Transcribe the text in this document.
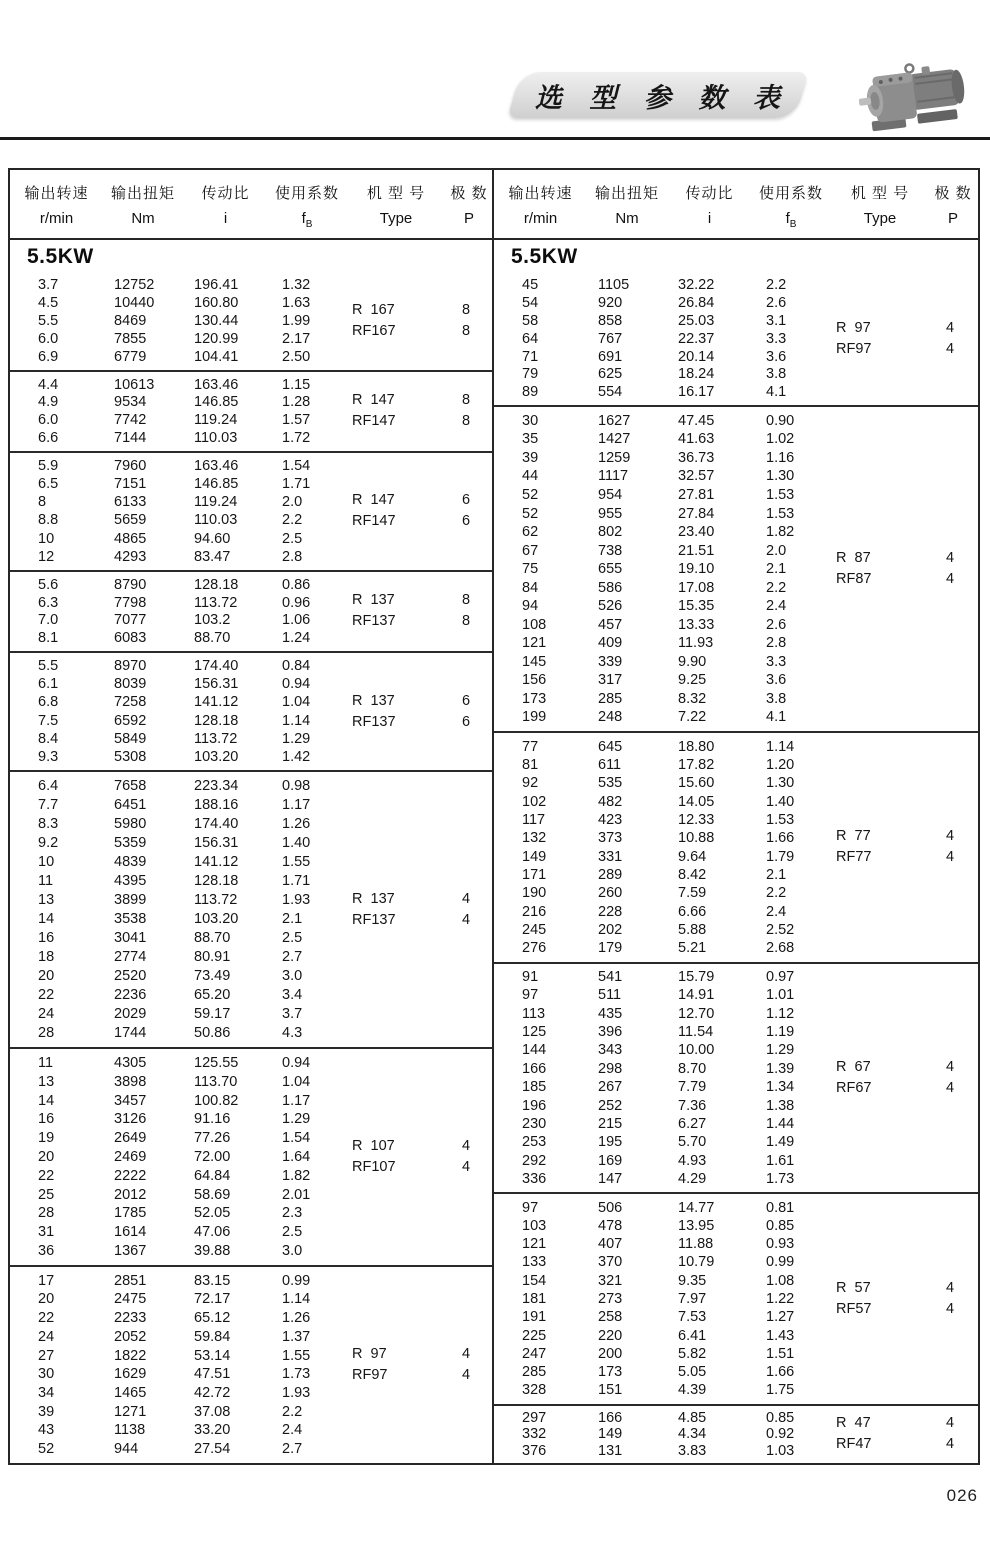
选 型 参 数 表
输出转速	输出扭矩	传动比	使用系数	机 型 号	极 数
r/min	Nm	i	$f_B$	Type	P
5.5KW
3.7	12752	196.41	1.32
4.5	10440	160.80	1.63
5.5	8469	130.44	1.99
6.0	7855	120.99	2.17
6.9	6779	104.41	2.50
R  167	8
RF167	8
4.4	10613	163.46	1.15
4.9	9534	146.85	1.28
6.0	7742	119.24	1.57
6.6	7144	110.03	1.72
R  147	8
RF147	8
5.9	7960	163.46	1.54
6.5	7151	146.85	1.71
8	6133	119.24	2.0
8.8	5659	110.03	2.2
10	4865	94.60	2.5
12	4293	83.47	2.8
R  147	6
RF147	6
5.6	8790	128.18	0.86
6.3	7798	113.72	0.96
7.0	7077	103.2	1.06
8.1	6083	88.70	1.24
R  137	8
RF137	8
5.5	8970	174.40	0.84
6.1	8039	156.31	0.94
6.8	7258	141.12	1.04
7.5	6592	128.18	1.14
8.4	5849	113.72	1.29
9.3	5308	103.20	1.42
R  137	6
RF137	6
6.4	7658	223.34	0.98
7.7	6451	188.16	1.17
8.3	5980	174.40	1.26
9.2	5359	156.31	1.40
10	4839	141.12	1.55
11	4395	128.18	1.71
13	3899	113.72	1.93
14	3538	103.20	2.1
16	3041	88.70	2.5
18	2774	80.91	2.7
20	2520	73.49	3.0
22	2236	65.20	3.4
24	2029	59.17	3.7
28	1744	50.86	4.3
R  137	4
RF137	4
11	4305	125.55	0.94
13	3898	113.70	1.04
14	3457	100.82	1.17
16	3126	91.16	1.29
19	2649	77.26	1.54
20	2469	72.00	1.64
22	2222	64.84	1.82
25	2012	58.69	2.01
28	1785	52.05	2.3
31	1614	47.06	2.5
36	1367	39.88	3.0
R  107	4
RF107	4
17	2851	83.15	0.99
20	2475	72.17	1.14
22	2233	65.12	1.26
24	2052	59.84	1.37
27	1822	53.14	1.55
30	1629	47.51	1.73
34	1465	42.72	1.93
39	1271	37.08	2.2
43	1138	33.20	2.4
52	944	27.54	2.7
R  97	4
RF97	4
输出转速	输出扭矩	传动比	使用系数	机 型 号	极 数
r/min	Nm	i	$f_B$	Type	P
5.5KW
45	1105	32.22	2.2
54	920	26.84	2.6
58	858	25.03	3.1
64	767	22.37	3.3
71	691	20.14	3.6
79	625	18.24	3.8
89	554	16.17	4.1
R  97	4
RF97	4
30	1627	47.45	0.90
35	1427	41.63	1.02
39	1259	36.73	1.16
44	1117	32.57	1.30
52	954	27.81	1.53
52	955	27.84	1.53
62	802	23.40	1.82
67	738	21.51	2.0
75	655	19.10	2.1
84	586	17.08	2.2
94	526	15.35	2.4
108	457	13.33	2.6
121	409	11.93	2.8
145	339	9.90	3.3
156	317	9.25	3.6
173	285	8.32	3.8
199	248	7.22	4.1
R  87	4
RF87	4
77	645	18.80	1.14
81	611	17.82	1.20
92	535	15.60	1.30
102	482	14.05	1.40
117	423	12.33	1.53
132	373	10.88	1.66
149	331	9.64	1.79
171	289	8.42	2.1
190	260	7.59	2.2
216	228	6.66	2.4
245	202	5.88	2.52
276	179	5.21	2.68
R  77	4
RF77	4
91	541	15.79	0.97
97	511	14.91	1.01
113	435	12.70	1.12
125	396	11.54	1.19
144	343	10.00	1.29
166	298	8.70	1.39
185	267	7.79	1.34
196	252	7.36	1.38
230	215	6.27	1.44
253	195	5.70	1.49
292	169	4.93	1.61
336	147	4.29	1.73
R  67	4
RF67	4
97	506	14.77	0.81
103	478	13.95	0.85
121	407	11.88	0.93
133	370	10.79	0.99
154	321	9.35	1.08
181	273	7.97	1.22
191	258	7.53	1.27
225	220	6.41	1.43
247	200	5.82	1.51
285	173	5.05	1.66
328	151	4.39	1.75
R  57	4
RF57	4
297	166	4.85	0.85
332	149	4.34	0.92
376	131	3.83	1.03
R  47	4
RF47	4
026
